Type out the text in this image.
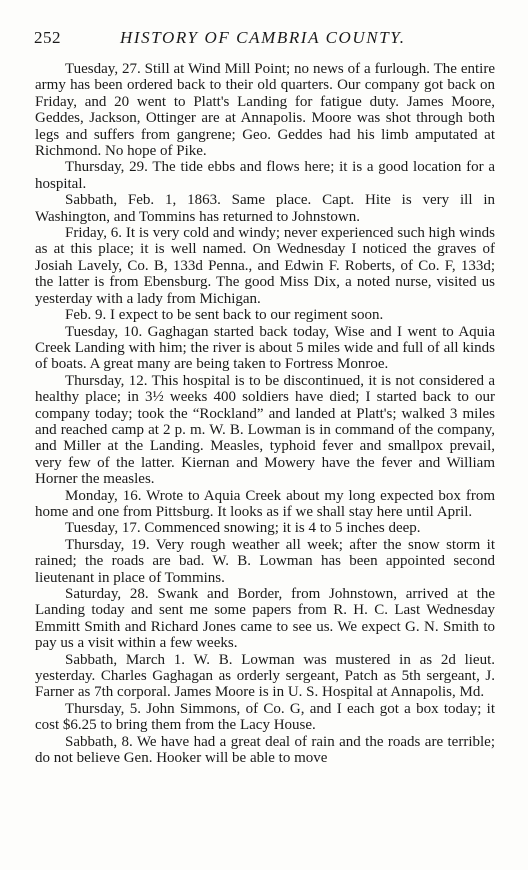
252	HISTORY OF CAMBRIA COUNTY.

Tuesday, 27. Still at Wind Mill Point; no news of a furlough. The entire army has been ordered back to their old quarters. Our company got back on Friday, and 20 went to Platt's Landing for fatigue duty. James Moore, Geddes, Jackson, Ottinger are at Annapolis. Moore was shot through both legs and suffers from gangrene; Geo. Geddes had his limb amputated at Richmond. No hope of Pike.

Thursday, 29. The tide ebbs and flows here; it is a good location for a hospital.

Sabbath, Feb. 1, 1863. Same place. Capt. Hite is very ill in Washington, and Tommins has returned to Johnstown.

Friday, 6. It is very cold and windy; never experienced such high winds as at this place; it is well named. On Wednesday I noticed the graves of Josiah Lavely, Co. B, 133d Penna., and Edwin F. Roberts, of Co. F, 133d; the latter is from Ebensburg. The good Miss Dix, a noted nurse, visited us yesterday with a lady from Michigan.

Feb. 9. I expect to be sent back to our regiment soon.

Tuesday, 10. Gaghagan started back today, Wise and I went to Aquia Creek Landing with him; the river is about 5 miles wide and full of all kinds of boats. A great many are being taken to Fortress Monroe.

Thursday, 12. This hospital is to be discontinued, it is not considered a healthy place; in 3½ weeks 400 soldiers have died; I started back to our company today; took the “Rockland” and landed at Platt's; walked 3 miles and reached camp at 2 p. m. W. B. Lowman is in command of the company, and Miller at the Landing. Measles, typhoid fever and smallpox prevail, very few of the latter. Kiernan and Mowery have the fever and William Horner the measles.

Monday, 16. Wrote to Aquia Creek about my long expected box from home and one from Pittsburg. It looks as if we shall stay here until April.

Tuesday, 17. Commenced snowing; it is 4 to 5 inches deep.

Thursday, 19. Very rough weather all week; after the snow storm it rained; the roads are bad. W. B. Lowman has been appointed second lieutenant in place of Tommins.

Saturday, 28. Swank and Border, from Johnstown, arrived at the Landing today and sent me some papers from R. H. C. Last Wednesday Emmitt Smith and Richard Jones came to see us. We expect G. N. Smith to pay us a visit within a few weeks.

Sabbath, March 1. W. B. Lowman was mustered in as 2d lieut. yesterday. Charles Gaghagan as orderly sergeant, Patch as 5th sergeant, J. Farner as 7th corporal. James Moore is in U. S. Hospital at Annapolis, Md.

Thursday, 5. John Simmons, of Co. G, and I each got a box today; it cost $6.25 to bring them from the Lacy House.

Sabbath, 8. We have had a great deal of rain and the roads are terrible; do not believe Gen. Hooker will be able to move
